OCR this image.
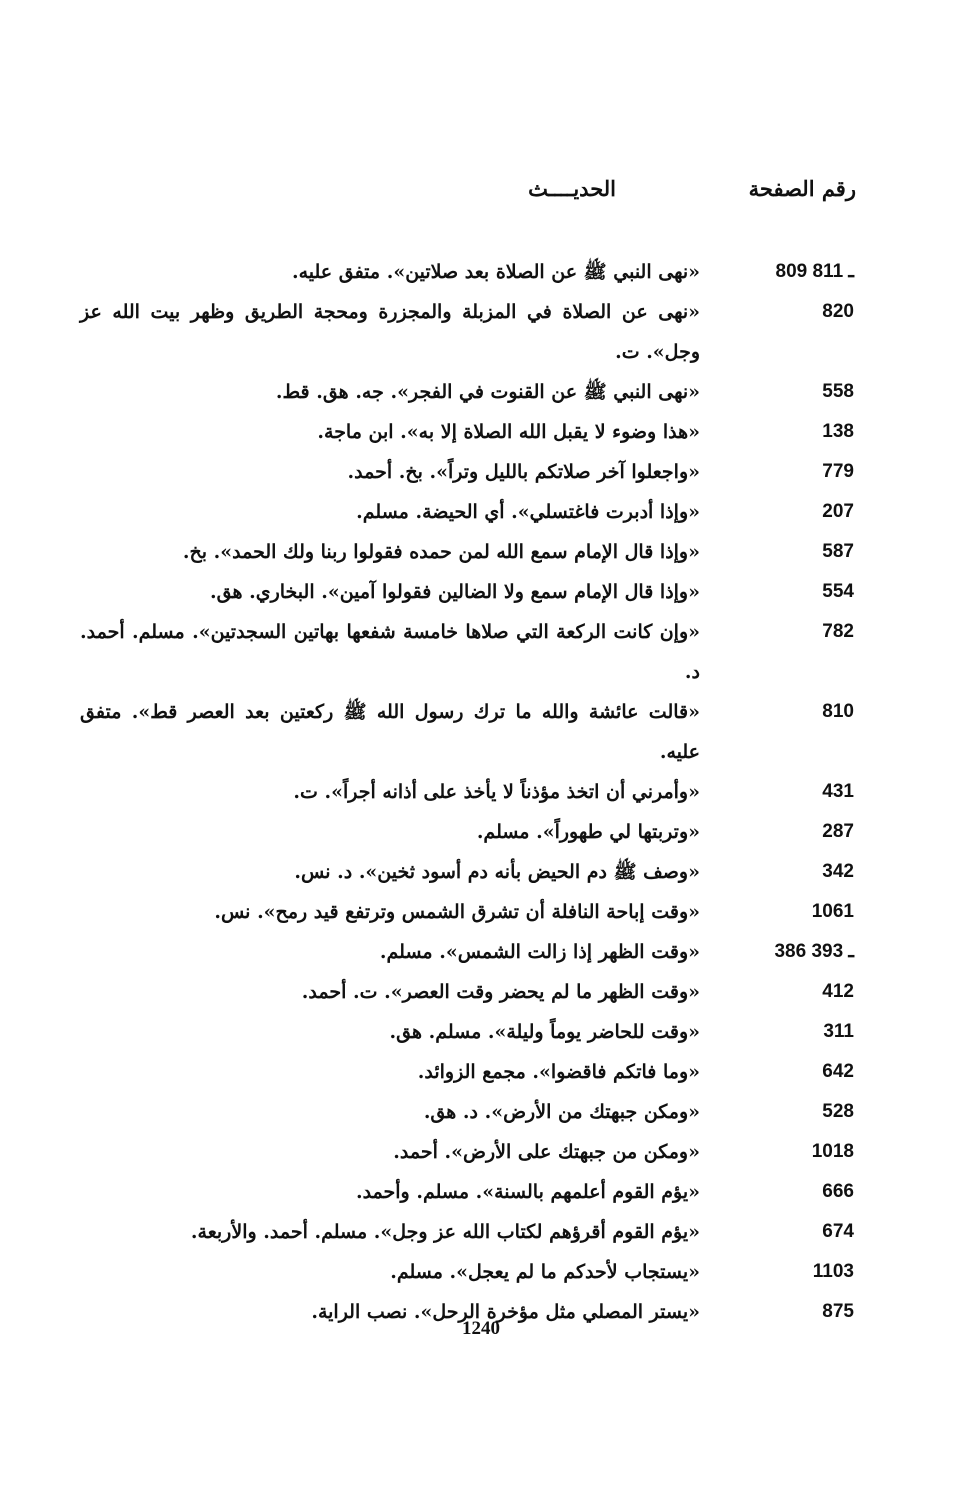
رقم الصفحة
الحديــــث
809 ـ 811
«نهى النبي ﷺ عن الصلاة بعد صلاتين». متفق عليه.
820
«نهى عن الصلاة في المزبلة والمجزرة ومحجة الطريق وظهر بيت الله عز وجل». ت.
558
«نهى النبي ﷺ عن القنوت في الفجر». جه. هق. قط.
138
«هذا وضوء لا يقبل الله الصلاة إلا به». ابن ماجة.
779
«واجعلوا آخر صلاتكم بالليل وتراً». بخ. أحمد.
207
«وإذا أدبرت فاغتسلي». أي الحيضة. مسلم.
587
«وإذا قال الإمام سمع الله لمن حمده فقولوا ربنا ولك الحمد». بخ.
554
«وإذا قال الإمام سمع ولا الضالين فقولوا آمين». البخاري. هق.
782
«وإن كانت الركعة التي صلاها خامسة شفعها بهاتين السجدتين». مسلم. أحمد. د.
810
«قالت عائشة والله ما ترك رسول الله ﷺ ركعتين بعد العصر قط». متفق عليه.
431
«وأمرني أن اتخذ مؤذناً لا يأخذ على أذانه أجراً». ت.
287
«وتربتها لي طهوراً». مسلم.
342
«وصف ﷺ دم الحيض بأنه دم أسود ثخين». د. نس.
1061
«وقت إباحة النافلة أن تشرق الشمس وترتفع قيد رمح». نس.
386 ـ 393
«وقت الظهر إذا زالت الشمس». مسلم.
412
«وقت الظهر ما لم يحضر وقت العصر». ت. أحمد.
311
«وقت للحاضر يوماً وليلة». مسلم. هق.
642
«وما فاتكم فاقضوا». مجمع الزوائد.
528
«ومكن جبهتك من الأرض». د. هق.
1018
«ومكن من جبهتك على الأرض». أحمد.
666
«يؤم القوم أعلمهم بالسنة». مسلم. وأحمد.
674
«يؤم القوم أقرؤهم لكتاب الله عز وجل». مسلم. أحمد. والأربعة.
1103
«يستجاب لأحدكم ما لم يعجل». مسلم.
875
«يستر المصلي مثل مؤخرة الرحل». نصب الراية.
1240
